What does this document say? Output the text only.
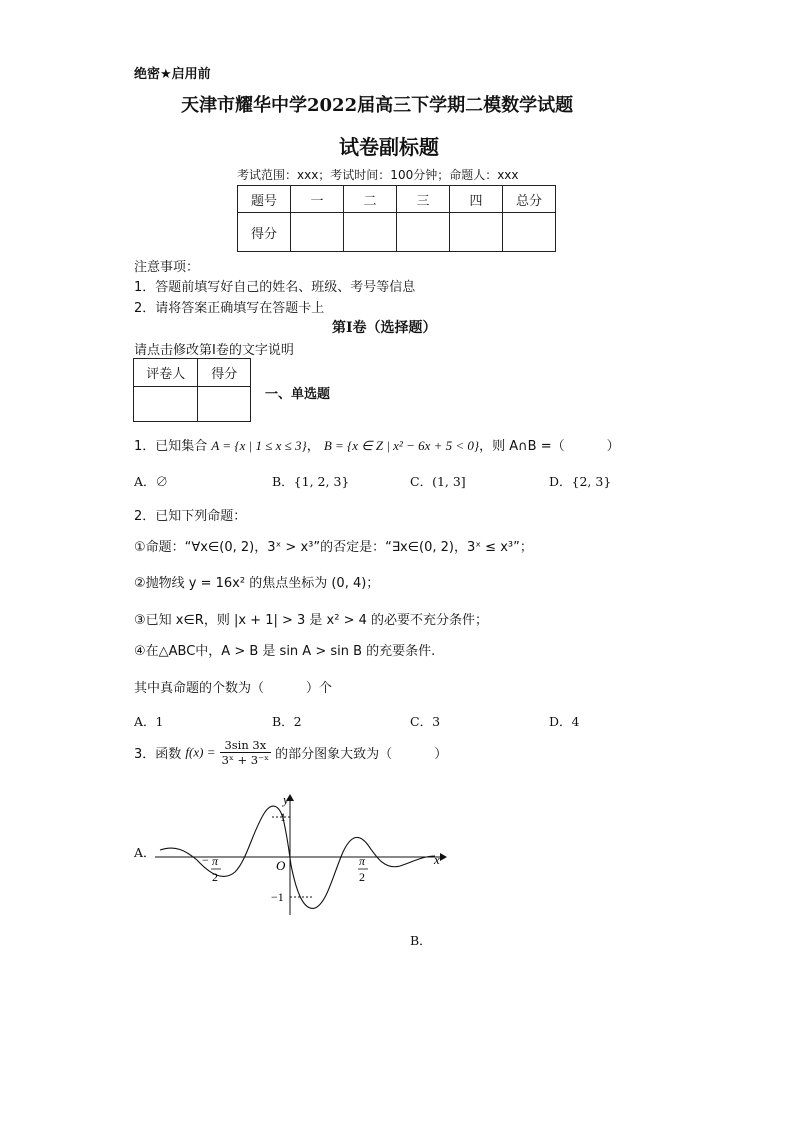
绝密★启用前
天津市耀华中学2022届高三下学期二模数学试题
试卷副标题
考试范围：xxx；考试时间：100分钟；命题人：xxx
题号	一	二	三	四	总分
得分					
注意事项：
1．答题前填写好自己的姓名、班级、考号等信息
2．请将答案正确填写在答题卡上
第I卷（选择题）
请点击修改第I卷的文字说明
评卷人	得分

一、单选题
1．已知集合 A = {x | 1 ≤ x ≤ 3}， B = {x ∈ Z | x² − 6x + 5 < 0}，则 A∩B =（	）
A．∅	B．{1, 2, 3}	C．(1, 3]	D．{2, 3}
2．已知下列命题：
①命题：“∀x∈(0, 2)，3ˣ > x³”的否定是：“∃x∈(0, 2)，3ˣ ≤ x³”；
②抛物线 y = 16x² 的焦点坐标为 (0, 4)；
③已知 x∈R，则 |x + 1| > 3 是 x² > 4 的必要不充分条件；
④在△ABC中，A > B 是 sin A > sin B 的充要条件.
其中真命题的个数为（	）个
A．1	B．2	C．3	D．4
3．函数 $f(x) = \frac{3\sin 3x}{\text{3ˣ + 3⁻ˣ}}$ 的部分图象大致为（	）
A．
y
x
O
1
−1
− π
2
π
2
B．
